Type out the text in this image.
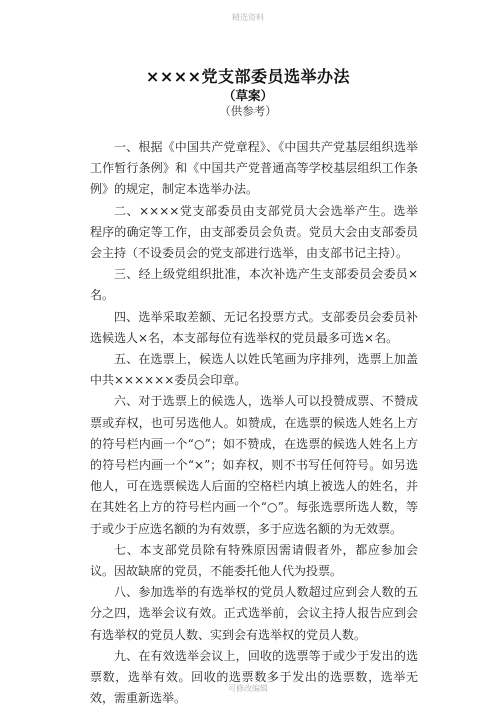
精选资料
××××党支部委员选举办法
（草案）
（供参考）

一、根据《中国共产党章程》、《中国共产党基层组织选举工作暂行条例》和《中国共产党普通高等学校基层组织工作条例》的规定，制定本选举办法。

二、××××党支部委员由支部党员大会选举产生。选举程序的确定等工作，由支部委员会负责。党员大会由支部委员会主持（不设委员会的党支部进行选举，由支部书记主持）。

三、经上级党组织批准，本次补选产生支部委员会委员×名。

四、选举采取差额、无记名投票方式。支部委员会委员补选候选人×名，本支部每位有选举权的党员最多可选×名。

五、在选票上，候选人以姓氏笔画为序排列，选票上加盖中共××××××委员会印章。

六、对于选票上的候选人，选举人可以投赞成票、不赞成票或弃权，也可另选他人。如赞成，在选票的候选人姓名上方的符号栏内画一个“○”；如不赞成，在选票的候选人姓名上方的符号栏内画一个“×”；如弃权，则不书写任何符号。如另选他人，可在选票候选人后面的空格栏内填上被选人的姓名，并在其姓名上方的符号栏内画一个“○”。每张选票所选人数，等于或少于应选名额的为有效票，多于应选名额的为无效票。

七、本支部党员除有特殊原因需请假者外，都应参加会议。因故缺席的党员，不能委托他人代为投票。

八、参加选举的有选举权的党员人数超过应到会人数的五分之四，选举会议有效。正式选举前，会议主持人报告应到会有选举权的党员人数、实到会有选举权的党员人数。

九、在有效选举会议上，回收的选票等于或少于发出的选票数，选举有效。回收的选票数多于发出的选票数，选举无效，需重新选举。

可修改编辑
